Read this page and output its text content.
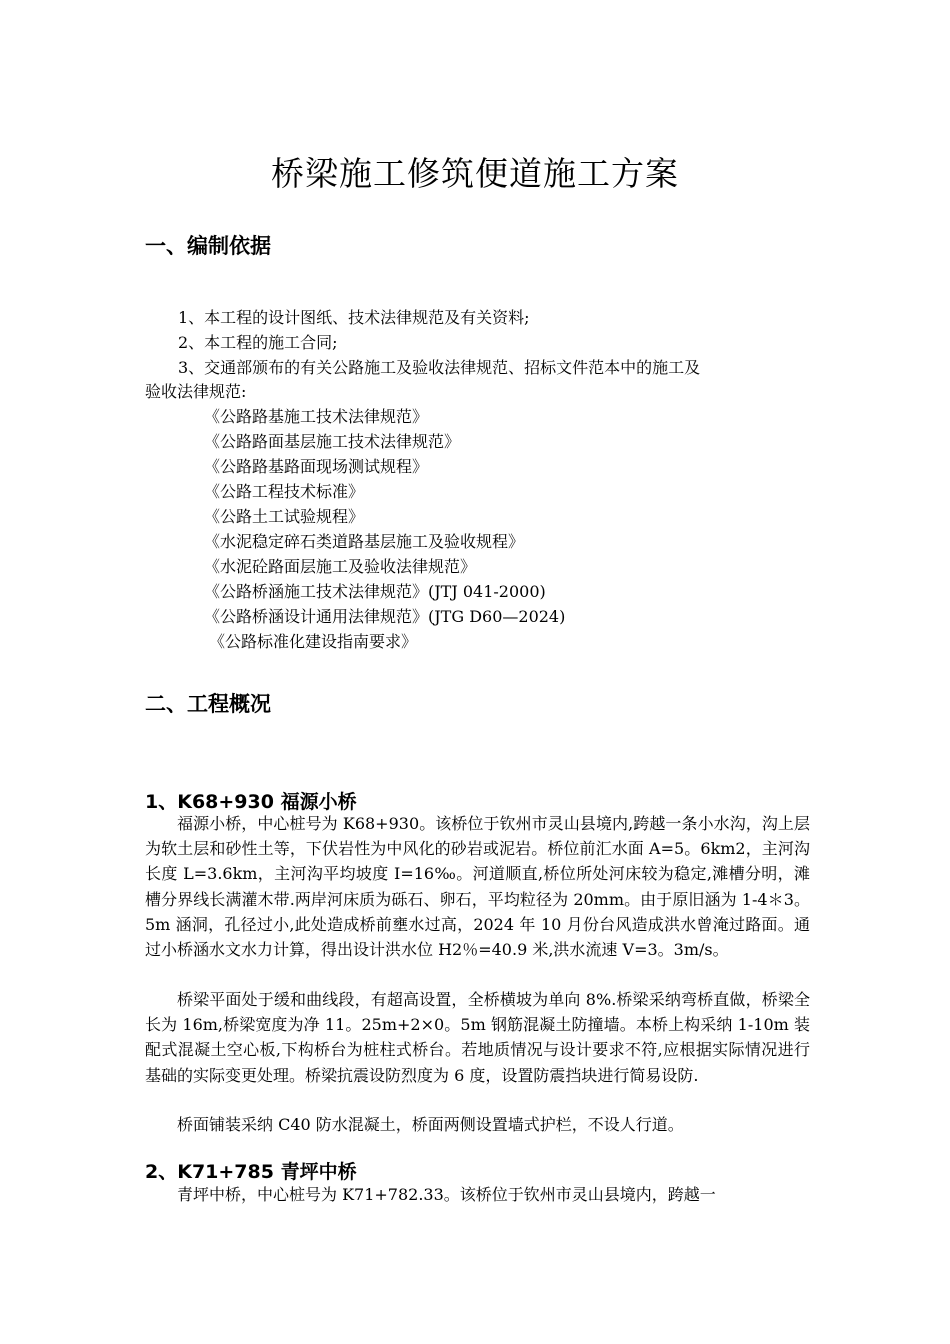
桥梁施工修筑便道施工方案
一、编制依据
1、本工程的设计图纸、技术法律规范及有关资料;
2、本工程的施工合同;
3、交通部颁布的有关公路施工及验收法律规范、招标文件范本中的施工及
验收法律规范:
《公路路基施工技术法律规范》
《公路路面基层施工技术法律规范》
《公路路基路面现场测试规程》
《公路工程技术标准》
《公路土工试验规程》
《水泥稳定碎石类道路基层施工及验收规程》
《水泥砼路面层施工及验收法律规范》
《公路桥涵施工技术法律规范》(JTJ 041-2000)
《公路桥涵设计通用法律规范》(JTG D60—2024)
《公路标准化建设指南要求》
二、工程概况
1、K68+930 福源小桥
福源小桥，中心桩号为 K68+930。该桥位于钦州市灵山县境内,跨越一条小水沟，沟上层为软土层和砂性土等，下伏岩性为中风化的砂岩或泥岩。桥位前汇水面 A=5。6km2，主河沟长度 L=3.6km，主河沟平均坡度 I=16‰。河道顺直,桥位所处河床较为稳定,滩槽分明，滩槽分界线长满灌木带.两岸河床质为砾石、卵石，平均粒径为 20mm。由于原旧涵为 1-4＊3。5m 涵洞，孔径过小,此处造成桥前壅水过高，2024 年 10 月份台风造成洪水曾淹过路面。通过小桥涵水文水力计算，得出设计洪水位 H2％=40.9 米,洪水流速 V=3。3m/s。
桥梁平面处于缓和曲线段，有超高设置，全桥横坡为单向 8%.桥梁采纳弯桥直做，桥梁全长为 16m,桥梁宽度为净 11。25m+2×0。5m 钢筋混凝土防撞墙。本桥上构采纳 1-10m 装配式混凝土空心板,下构桥台为桩柱式桥台。若地质情况与设计要求不符,应根据实际情况进行基础的实际变更处理。桥梁抗震设防烈度为 6 度，设置防震挡块进行简易设防.
桥面铺装采纳 C40 防水混凝土，桥面两侧设置墙式护栏，不设人行道。
2、K71+785 青坪中桥
青坪中桥，中心桩号为 K71+782.33。该桥位于钦州市灵山县境内，跨越一
